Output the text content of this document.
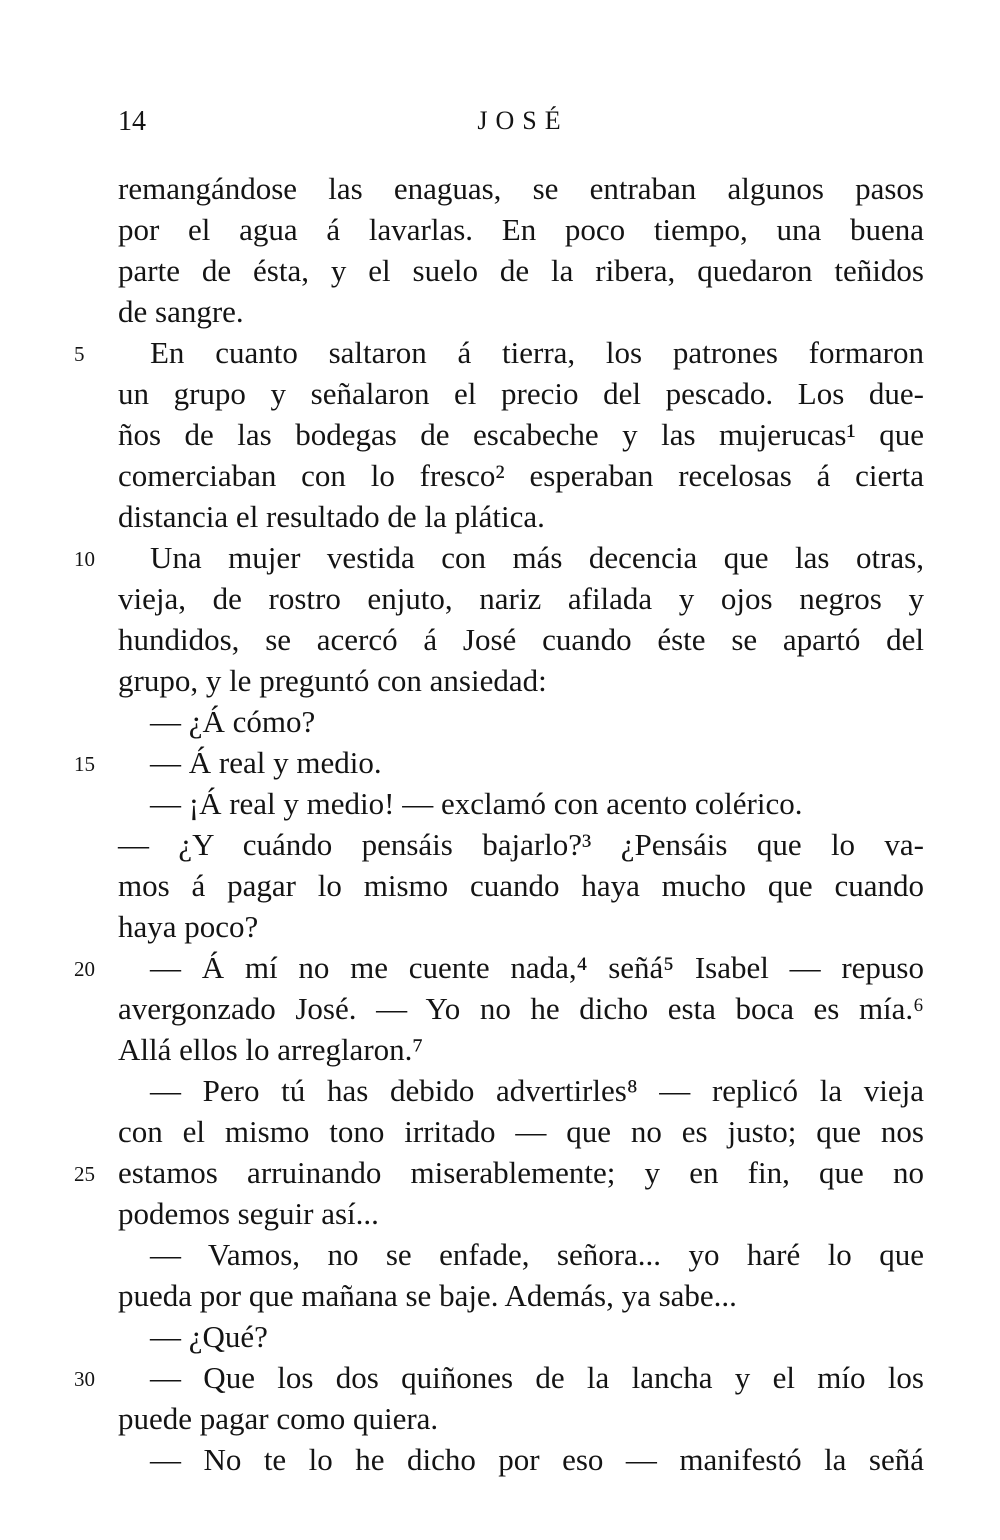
14	JOSÉ
remangándose las enaguas, se entraban algunos pasos
por el agua á lavarlas. En poco tiempo, una buena
parte de ésta, y el suelo de la ribera, quedaron teñidos
de sangre.
5	En cuanto saltaron á tierra, los patrones formaron
un grupo y señalaron el precio del pescado. Los due-
ños de las bodegas de escabeche y las mujerucas¹ que
comerciaban con lo fresco² esperaban recelosas á cierta
distancia el resultado de la plática.
10	Una mujer vestida con más decencia que las otras,
vieja, de rostro enjuto, nariz afilada y ojos negros y
hundidos, se acercó á José cuando éste se apartó del
grupo, y le preguntó con ansiedad:
— ¿Á cómo?
15	— Á real y medio.
— ¡Á real y medio! — exclamó con acento colérico.
— ¿Y cuándo pensáis bajarlo?³ ¿Pensáis que lo va-
mos á pagar lo mismo cuando haya mucho que cuando
haya poco?
20	— Á mí no me cuente nada,⁴ señá⁵ Isabel — repuso
avergonzado José. — Yo no he dicho esta boca es mía.⁶
Allá ellos lo arreglaron.⁷
— Pero tú has debido advertirles⁸ — replicó la vieja
con el mismo tono irritado — que no es justo; que nos
25 estamos arruinando miserablemente; y en fin, que no
podemos seguir así...
— Vamos, no se enfade, señora... yo haré lo que
pueda por que mañana se baje. Además, ya sabe...
— ¿Qué?
30	— Que los dos quiñones de la lancha y el mío los
puede pagar como quiera.
— No te lo he dicho por eso — manifestó la señá
